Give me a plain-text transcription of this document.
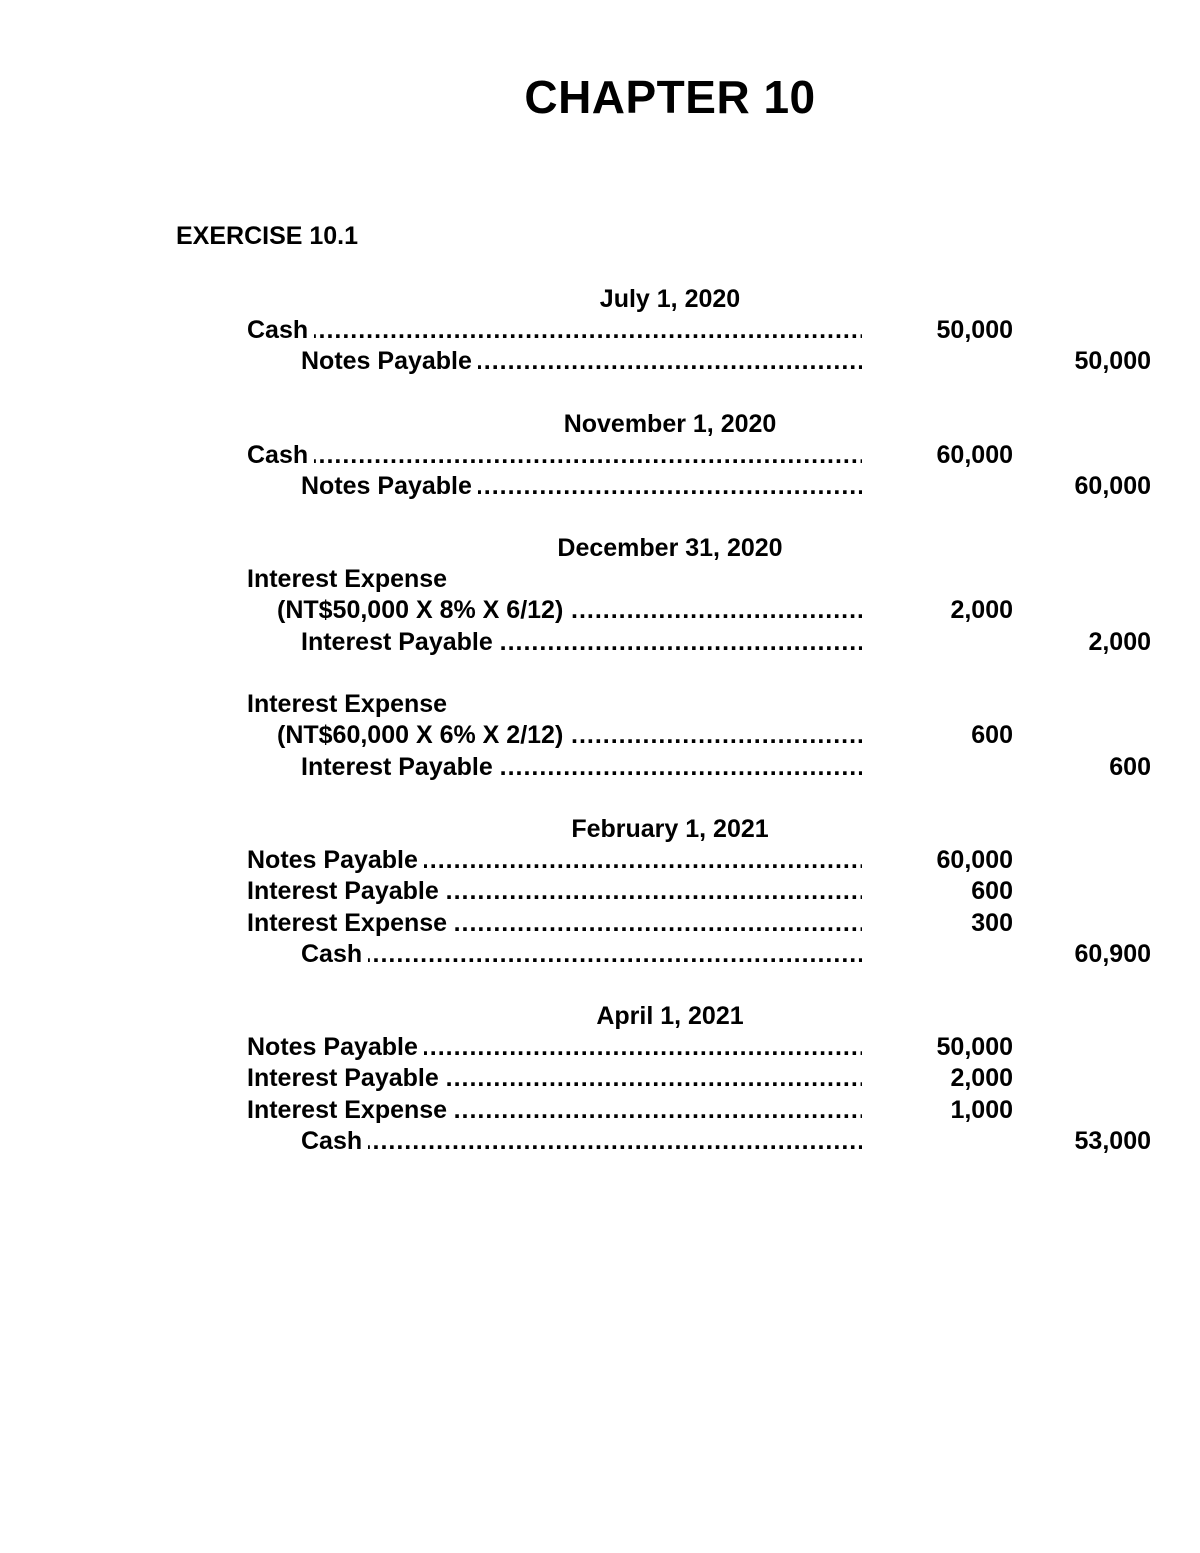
CHAPTER 10
EXERCISE 10.1
July 1, 2020
Cash .....	50,000
Notes Payable .....	50,000
November 1, 2020
Cash .....	60,000
Notes Payable .....	60,000
December 31, 2020
Interest Expense
(NT$50,000 X 8% X 6/12) .....	2,000
Interest Payable .....	2,000
Interest Expense
(NT$60,000 X 6% X 2/12) .....	600
Interest Payable .....	600
February 1, 2021
Notes Payable .....	60,000
Interest Payable .....	600
Interest Expense .....	300
Cash .....	60,900
April 1, 2021
Notes Payable .....	50,000
Interest Payable .....	2,000
Interest Expense .....	1,000
Cash .....	53,000
